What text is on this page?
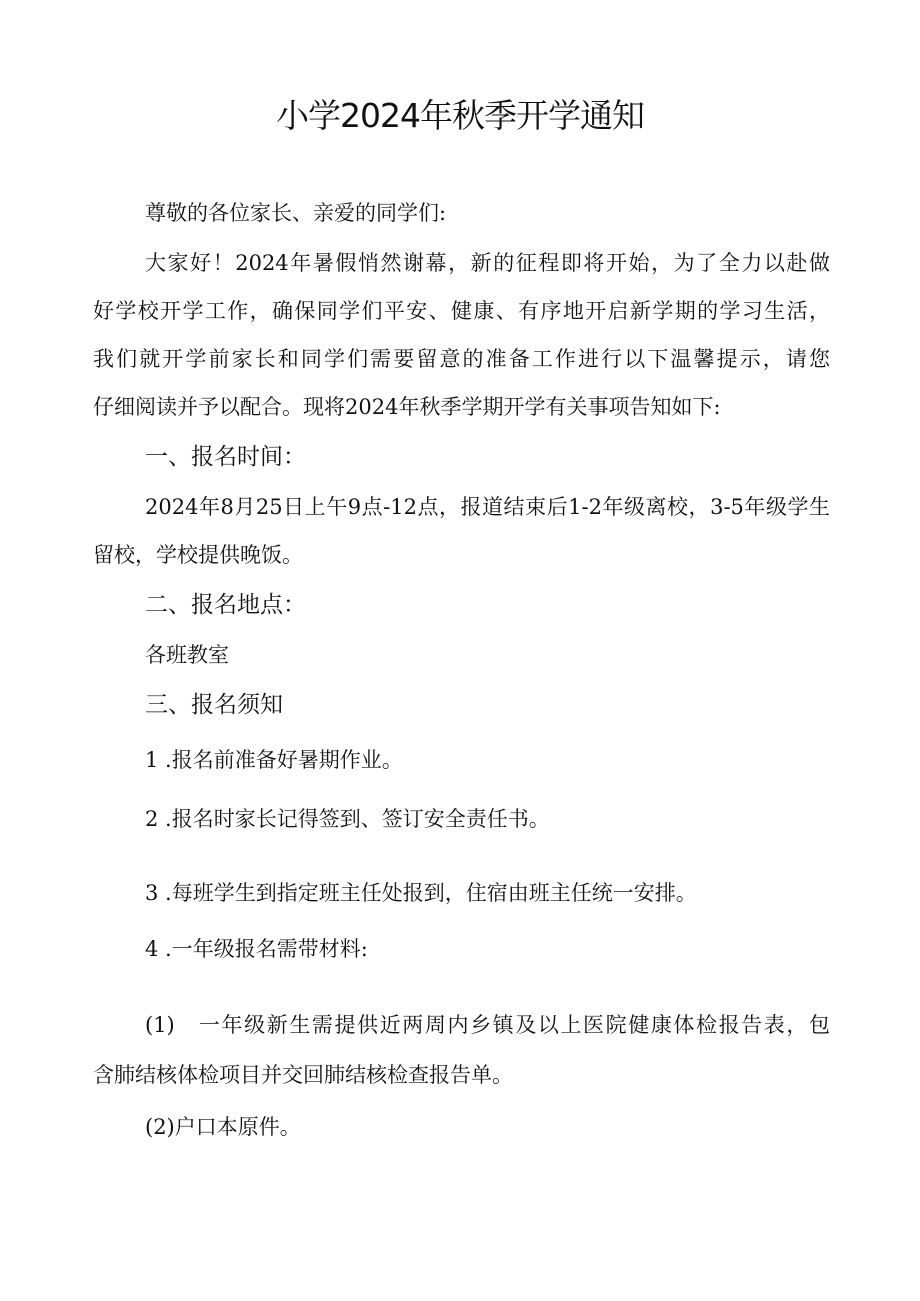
小学2024年秋季开学通知
尊敬的各位家长、亲爱的同学们:
大家好！2024年暑假悄然谢幕，新的征程即将开始，为了全力以赴做
好学校开学工作，确保同学们平安、健康、有序地开启新学期的学习生活，
我们就开学前家长和同学们需要留意的准备工作进行以下温馨提示，请您
仔细阅读并予以配合。现将2024年秋季学期开学有关事项告知如下:
一、报名时间：
2024年8月25日上午9点-12点，报道结束后1-2年级离校，3-5年级学生
留校，学校提供晚饭。
二、报名地点：
各班教室
三、报名须知
1 .报名前准备好暑期作业。
2 .报名时家长记得签到、签订安全责任书。
3 .每班学生到指定班主任处报到，住宿由班主任统一安排。
4 .一年级报名需带材料:
(1)　一年级新生需提供近两周内乡镇及以上医院健康体检报告表，包
含肺结核体检项目并交回肺结核检查报告单。
(2)户口本原件。
